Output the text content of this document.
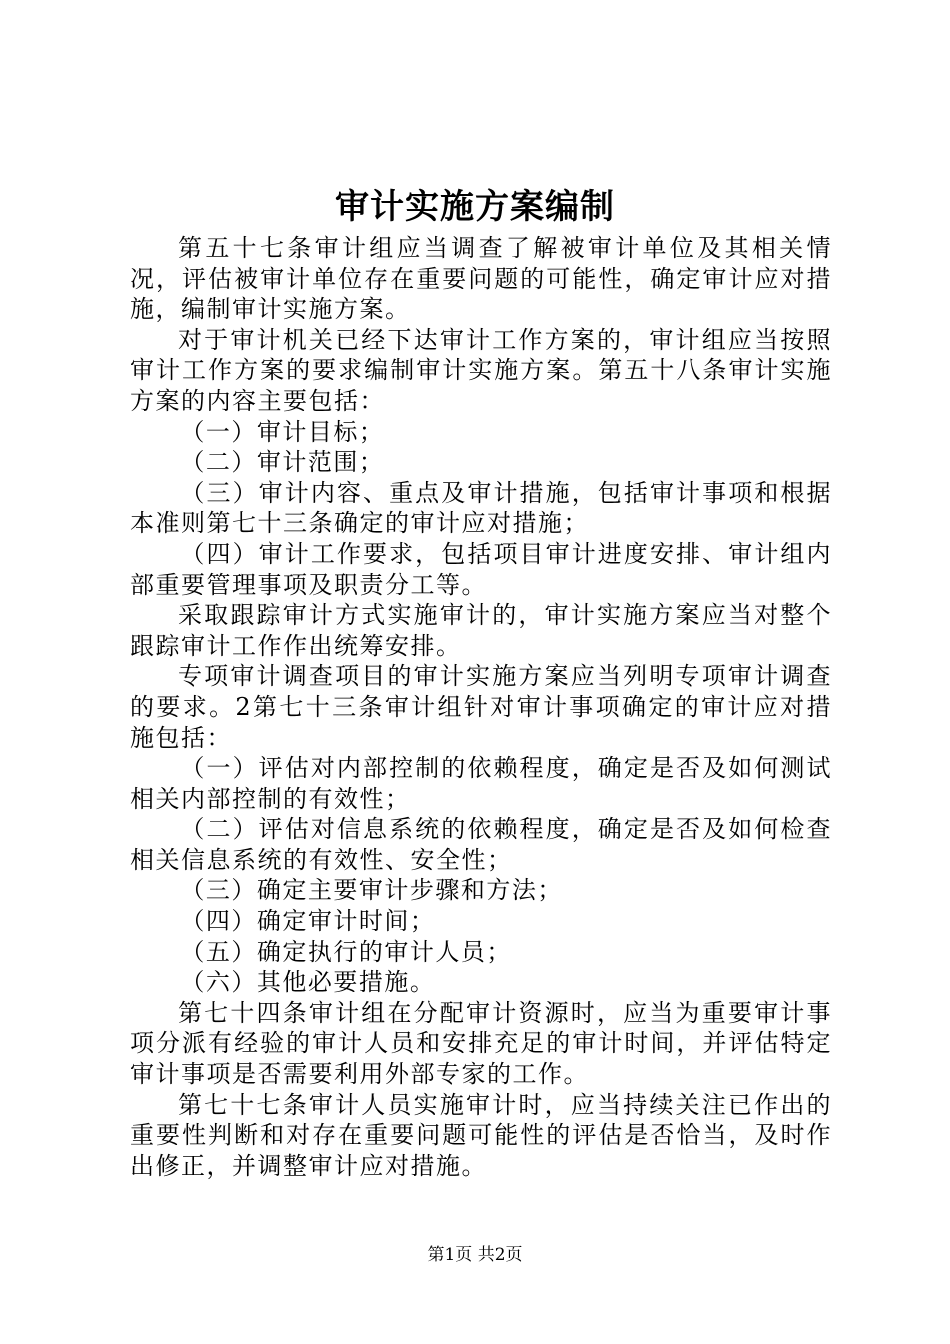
审计实施方案编制

第五十七条审计组应当调查了解被审计单位及其相关情况，评估被审计单位存在重要问题的可能性，确定审计应对措施，编制审计实施方案。

对于审计机关已经下达审计工作方案的，审计组应当按照审计工作方案的要求编制审计实施方案。第五十八条审计实施方案的内容主要包括：

（一）审计目标；

（二）审计范围；

（三）审计内容、重点及审计措施，包括审计事项和根据本准则第七十三条确定的审计应对措施；

（四）审计工作要求，包括项目审计进度安排、审计组内部重要管理事项及职责分工等。

采取跟踪审计方式实施审计的，审计实施方案应当对整个跟踪审计工作作出统筹安排。

专项审计调查项目的审计实施方案应当列明专项审计调查的要求。2第七十三条审计组针对审计事项确定的审计应对措施包括：

（一）评估对内部控制的依赖程度，确定是否及如何测试相关内部控制的有效性；

（二）评估对信息系统的依赖程度，确定是否及如何检查相关信息系统的有效性、安全性；

（三）确定主要审计步骤和方法；

（四）确定审计时间；

（五）确定执行的审计人员；

（六）其他必要措施。

第七十四条审计组在分配审计资源时，应当为重要审计事项分派有经验的审计人员和安排充足的审计时间，并评估特定审计事项是否需要利用外部专家的工作。

第七十七条审计人员实施审计时，应当持续关注已作出的重要性判断和对存在重要问题可能性的评估是否恰当，及时作出修正，并调整审计应对措施。

第1页 共2页
